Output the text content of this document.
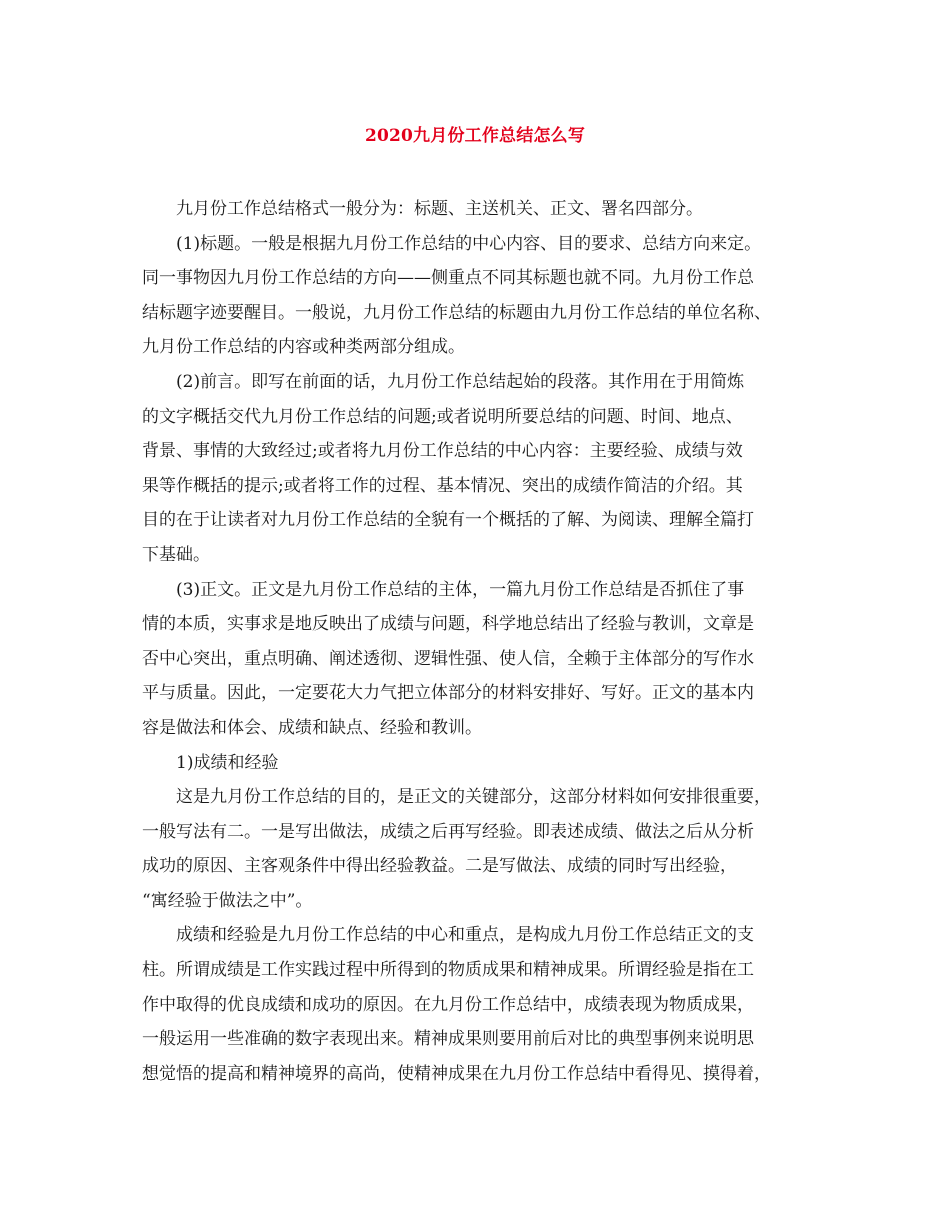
2020九月份工作总结怎么写
九月份工作总结格式一般分为：标题、主送机关、正文、署名四部分。
(1)标题。一般是根据九月份工作总结的中心内容、目的要求、总结方向来定。
同一事物因九月份工作总结的方向——侧重点不同其标题也就不同。九月份工作总
结标题字迹要醒目。一般说，九月份工作总结的标题由九月份工作总结的单位名称、
九月份工作总结的内容或种类两部分组成。
(2)前言。即写在前面的话，九月份工作总结起始的段落。其作用在于用简炼
的文字概括交代九月份工作总结的问题;或者说明所要总结的问题、时间、地点、
背景、事情的大致经过;或者将九月份工作总结的中心内容：主要经验、成绩与效
果等作概括的提示;或者将工作的过程、基本情况、突出的成绩作简洁的介绍。其
目的在于让读者对九月份工作总结的全貌有一个概括的了解、为阅读、理解全篇打
下基础。
(3)正文。正文是九月份工作总结的主体，一篇九月份工作总结是否抓住了事
情的本质，实事求是地反映出了成绩与问题，科学地总结出了经验与教训，文章是
否中心突出，重点明确、阐述透彻、逻辑性强、使人信，全赖于主体部分的写作水
平与质量。因此，一定要花大力气把立体部分的材料安排好、写好。正文的基本内
容是做法和体会、成绩和缺点、经验和教训。
1)成绩和经验
这是九月份工作总结的目的，是正文的关键部分，这部分材料如何安排很重要，
一般写法有二。一是写出做法，成绩之后再写经验。即表述成绩、做法之后从分析
成功的原因、主客观条件中得出经验教益。二是写做法、成绩的同时写出经验，
“寓经验于做法之中”。
成绩和经验是九月份工作总结的中心和重点，是构成九月份工作总结正文的支
柱。所谓成绩是工作实践过程中所得到的物质成果和精神成果。所谓经验是指在工
作中取得的优良成绩和成功的原因。在九月份工作总结中，成绩表现为物质成果，
一般运用一些准确的数字表现出来。精神成果则要用前后对比的典型事例来说明思
想觉悟的提高和精神境界的高尚，使精神成果在九月份工作总结中看得见、摸得着，
